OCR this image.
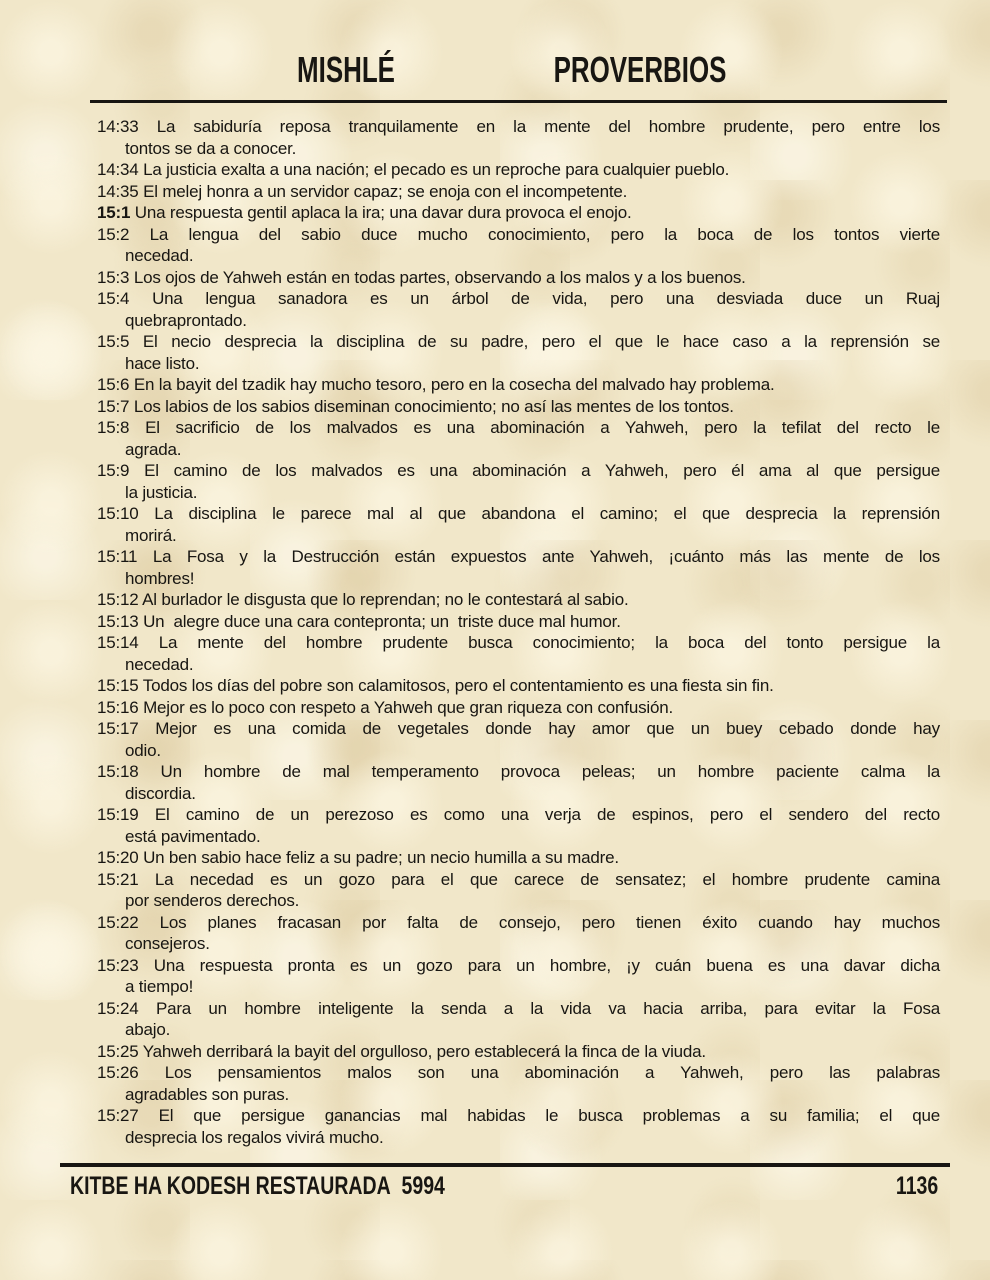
MISHLÉ	PROVERBIOS

14:33 La sabiduría reposa tranquilamente en la mente del hombre prudente, pero entre los
tontos se da a conocer.

14:34 La justicia exalta a una nación; el pecado es un reproche para cualquier pueblo.

14:35 El melej honra a un servidor capaz; se enoja con el incompetente.

15:1 Una respuesta gentil aplaca la ira; una davar dura provoca el enojo.

15:2 La lengua del sabio duce mucho conocimiento, pero la boca de los tontos vierte
necedad.

15:3 Los ojos de Yahweh están en todas partes, observando a los malos y a los buenos.

15:4 Una lengua sanadora es un árbol de vida, pero una desviada duce un Ruaj
quebraprontado.

15:5 El necio desprecia la disciplina de su padre, pero el que le hace caso a la reprensión se
hace listo.

15:6 En la bayit del tzadik hay mucho tesoro, pero en la cosecha del malvado hay problema.

15:7 Los labios de los sabios diseminan conocimiento; no así las mentes de los tontos.

15:8 El sacrificio de los malvados es una abominación a Yahweh, pero la tefilat del recto le
agrada.

15:9 El camino de los malvados es una abominación a Yahweh, pero él ama al que persigue
la justicia.

15:10 La disciplina le parece mal al que abandona el camino; el que desprecia la reprensión
morirá.

15:11 La Fosa y la Destrucción están expuestos ante Yahweh, ¡cuánto más las mente de los
hombres!

15:12 Al burlador le disgusta que lo reprendan; no le contestará al sabio.

15:13 Un  alegre duce una cara contepronta; un  triste duce mal humor.

15:14 La mente del hombre prudente busca conocimiento; la boca del tonto persigue la
necedad.

15:15 Todos los días del pobre son calamitosos, pero el contentamiento es una fiesta sin fin.

15:16 Mejor es lo poco con respeto a Yahweh que gran riqueza con confusión.

15:17 Mejor es una comida de vegetales donde hay amor que un buey cebado donde hay
odio.

15:18 Un hombre de mal temperamento provoca peleas; un hombre paciente calma la
discordia.

15:19 El camino de un perezoso es como una verja de espinos, pero el sendero del recto
está pavimentado.

15:20 Un ben sabio hace feliz a su padre; un necio humilla a su madre.

15:21 La necedad es un gozo para el que carece de sensatez; el hombre prudente camina
por senderos derechos.

15:22 Los planes fracasan por falta de consejo, pero tienen éxito cuando hay muchos
consejeros.

15:23 Una respuesta pronta es un gozo para un hombre, ¡y cuán buena es una davar dicha
a tiempo!

15:24 Para un hombre inteligente la senda a la vida va hacia arriba, para evitar la Fosa
abajo.

15:25 Yahweh derribará la bayit del orgulloso, pero establecerá la finca de la viuda.

15:26 Los pensamientos malos son una abominación a Yahweh, pero las palabras
agradables son puras.

15:27 El que persigue ganancias mal habidas le busca problemas a su familia; el que
desprecia los regalos vivirá mucho.

KITBE HA KODESH RESTAURADA  5994	1136
